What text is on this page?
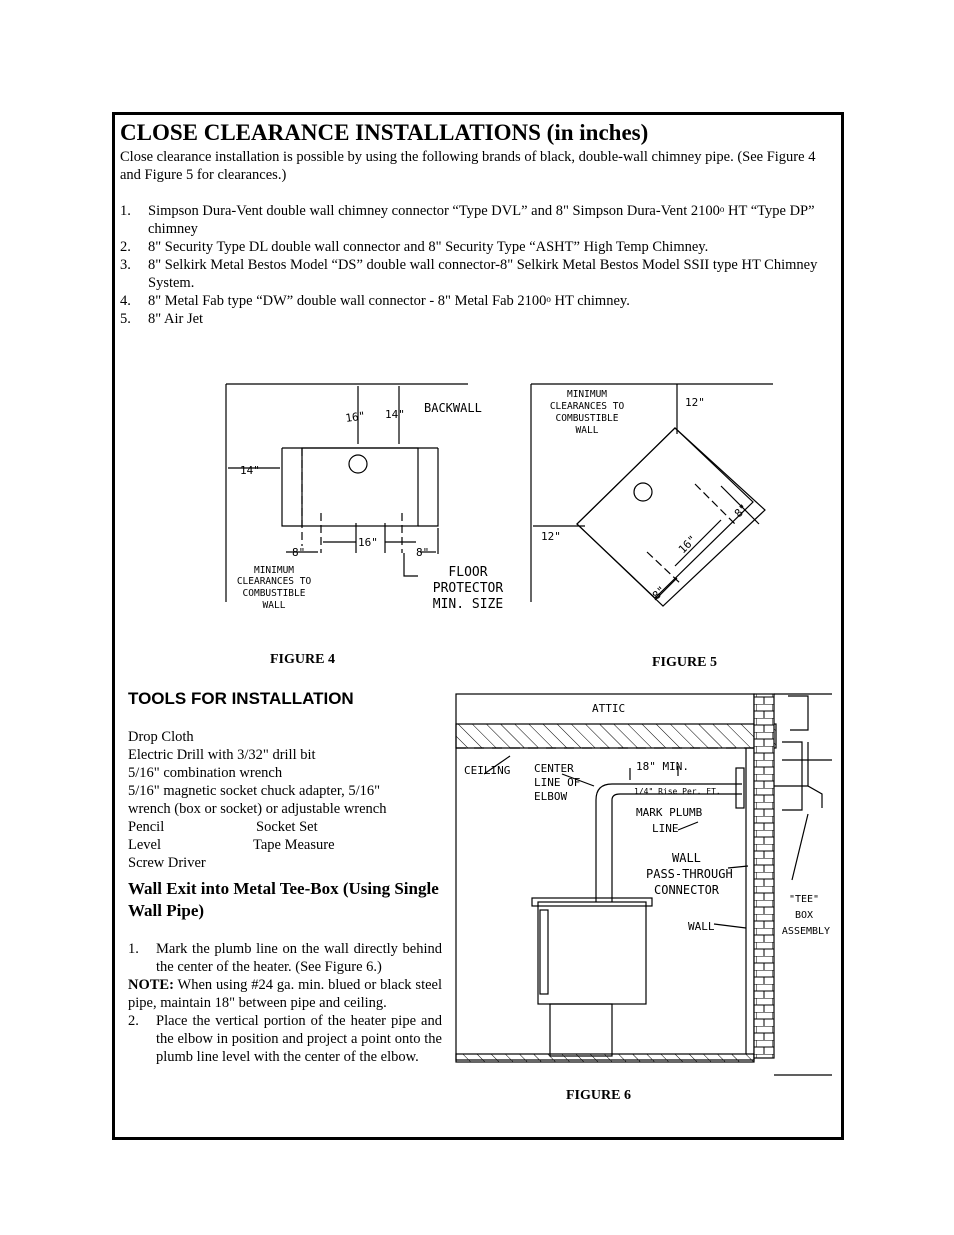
CLOSE CLEARANCE INSTALLATIONS (in inches)
Close clearance installation is possible by using the following brands of black, double-wall chimney pipe. (See Figure 4 and Figure 5 for clearances.)
1. Simpson Dura-Vent double wall chimney connector “Type DVL” and 8" Simpson Dura-Vent 2100$^o$ HT “Type DP” chimney
2. 8" Security Type DL double wall connector and 8" Security Type “ASHT” High Temp Chimney.
3. 8" Selkirk Metal Bestos Model “DS” double wall connector-8" Selkirk Metal Bestos Model SSII type HT Chimney System.
4. 8" Metal Fab type “DW” double wall connector - 8" Metal Fab 2100$^o$ HT chimney.
5. 8" Air Jet
16" 14" BACKWALL
14"
8"
16"
8"
MINIMUM
CLEARANCES TO
COMBUSTIBLE
WALL
FLOOR
PROTECTOR
MIN. SIZE
FIGURE 4
MINIMUM
CLEARANCES TO
COMBUSTIBLE
WALL
12"
12"
8"
16"
8"
FIGURE 5
TOOLS FOR INSTALLATION
Drop Cloth
Electric Drill with 3/32" drill bit
5/16" combination wrench
5/16" magnetic socket chuck adapter, 5/16"
wrench (box or socket) or adjustable wrench
Pencil	Socket Set
Level	Tape Measure
Screw Driver
Wall Exit into Metal Tee-Box (Using Single Wall Pipe)
1. Mark the plumb line on the wall directly behind the center of the heater. (See Figure 6.)
NOTE: When using #24 ga. min. blued or black steel pipe, maintain 18" between pipe and ceiling.
2. Place the vertical portion of the heater pipe and the elbow in position and project a point onto the plumb line level with the center of the elbow.
ATTIC
CEILING CENTER
LINE OF
ELBOW
18" MIN.
MARK PLUMB
LINE
WALL
PASS-THROUGH
CONNECTOR
WALL
"TEE"
BOX
ASSEMBLY
1/4" Rise Per. FT.
FIGURE 6
